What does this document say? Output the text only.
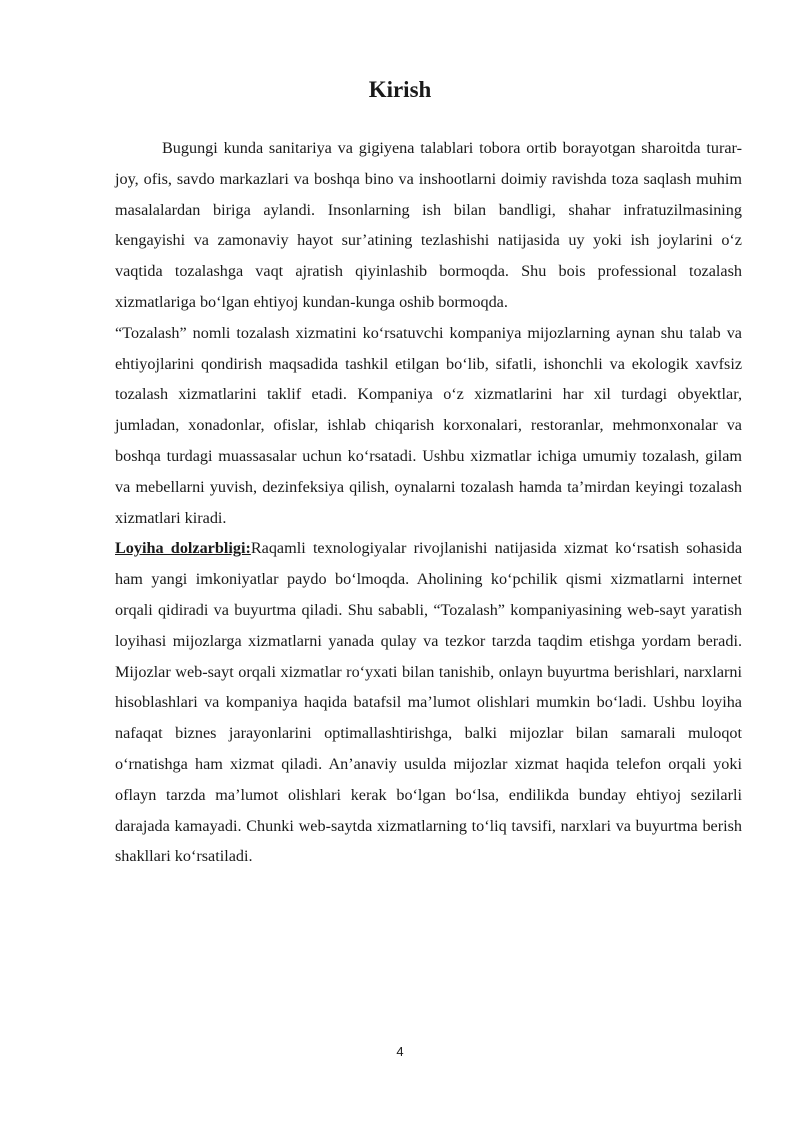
Kirish

Bugungi kunda sanitariya va gigiyena talablari tobora ortib borayotgan sharoitda turar-joy, ofis, savdo markazlari va boshqa bino va inshootlarni doimiy ravishda toza saqlash muhim masalalardan biriga aylandi. Insonlarning ish bilan bandligi, shahar infratuzilmasining kengayishi va zamonaviy hayot sur’atining tezlashishi natijasida uy yoki ish joylarini o‘z vaqtida tozalashga vaqt ajratish qiyinlashib bormoqda. Shu bois professional tozalash xizmatlariga bo‘lgan ehtiyoj kundan-kunga oshib bormoqda.

“Tozalash” nomli tozalash xizmatini ko‘rsatuvchi kompaniya mijozlarning aynan shu talab va ehtiyojlarini qondirish maqsadida tashkil etilgan bo‘lib, sifatli, ishonchli va ekologik xavfsiz tozalash xizmatlarini taklif etadi. Kompaniya o‘z xizmatlarini har xil turdagi obyektlar, jumladan, xonadonlar, ofislar, ishlab chiqarish korxonalari, restoranlar, mehmonxonalar va boshqa turdagi muassasalar uchun ko‘rsatadi. Ushbu xizmatlar ichiga umumiy tozalash, gilam va mebellarni yuvish, dezinfeksiya qilish, oynalarni tozalash hamda ta’mirdan keyingi tozalash xizmatlari kiradi.

Loyiha dolzarbligi:Raqamli texnologiyalar rivojlanishi natijasida xizmat ko‘rsatish sohasida ham yangi imkoniyatlar paydo bo‘lmoqda. Aholining ko‘pchilik qismi xizmatlarni internet orqali qidiradi va buyurtma qiladi. Shu sababli, “Tozalash” kompaniyasining web-sayt yaratish loyihasi mijozlarga xizmatlarni yanada qulay va tezkor tarzda taqdim etishga yordam beradi. Mijozlar web-sayt orqali xizmatlar ro‘yxati bilan tanishib, onlayn buyurtma berishlari, narxlarni hisoblashlari va kompaniya haqida batafsil ma’lumot olishlari mumkin bo‘ladi. Ushbu loyiha nafaqat biznes jarayonlarini optimallashtirishga, balki mijozlar bilan samarali muloqot o‘rnatishga ham xizmat qiladi. An’anaviy usulda mijozlar xizmat haqida telefon orqali yoki oflayn tarzda ma’lumot olishlari kerak bo‘lgan bo‘lsa, endilikda bunday ehtiyoj sezilarli darajada kamayadi. Chunki web-saytda xizmatlarning to‘liq tavsifi, narxlari va buyurtma berish shakllari ko‘rsatiladi.

4
